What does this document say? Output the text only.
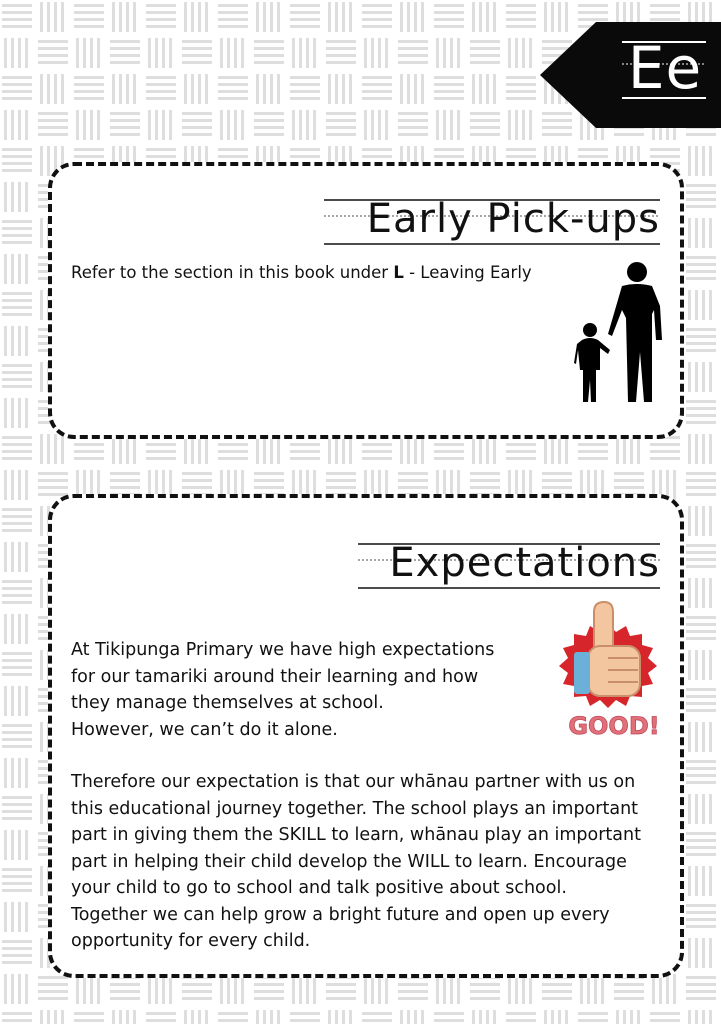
Ee
Early Pick-ups
Refer to the section in this book under L - Leaving Early
Expectations
At Tikipunga Primary we have high expectations
for our tamariki around their learning and how
they manage themselves at school.
However, we can’t do it alone.
Therefore our expectation is that our whānau partner with us on
this educational journey together. The school plays an important
part in giving them the SKILL to learn, whānau play an important
part in helping their child develop the WILL to learn. Encourage
your child to go to school and talk positive about school.
Together we can help grow a bright future and open up every
opportunity for every child.
GOOD!
